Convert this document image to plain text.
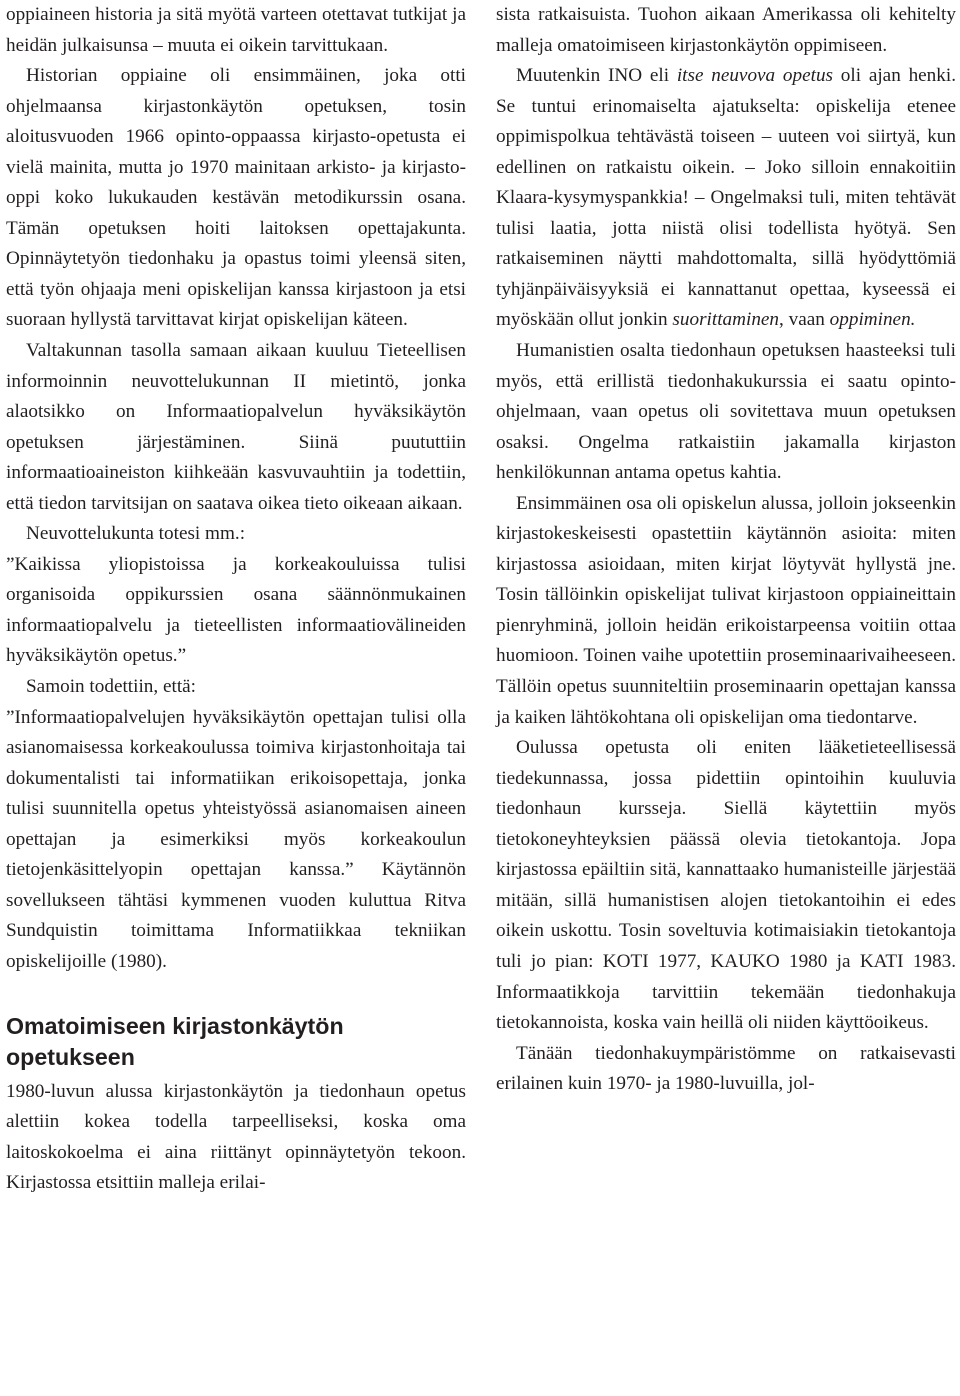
oppiaineen historia ja sitä myötä varteen otettavat tutkijat ja heidän julkaisunsa – muuta ei oikein tarvittukaan.

Historian oppiaine oli ensimmäinen, joka otti ohjelmaansa kirjastonkäytön opetuksen, tosin aloitusvuoden 1966 opinto-oppaassa kirjasto-opetusta ei vielä mainita, mutta jo 1970 mainitaan arkisto- ja kirjasto-oppi koko lukukauden kestävän metodikurssin osana. Tämän opetuksen hoiti laitoksen opettajakunta. Opinnäytetyön tiedonhaku ja opastus toimi yleensä siten, että työn ohjaaja meni opiskelijan kanssa kirjastoon ja etsi suoraan hyllystä tarvittavat kirjat opiskelijan käteen.

Valtakunnan tasolla samaan aikaan kuuluu Tieteellisen informoinnin neuvottelukunnan II mietintö, jonka alaotsikko on Informaatiopalvelun hyväksikäytön opetuksen järjestäminen. Siinä puututtiin informaatioaineiston kiihkeään kasvuvauhtiin ja todettiin, että tiedon tarvitsijan on saatava oikea tieto oikeaan aikaan.

Neuvottelukunta totesi mm.:

”Kaikissa yliopistoissa ja korkeakouluissa tulisi organisoida oppikurssien osana säännönmukainen informaatiopalvelu ja tieteellisten informaatiovälineiden hyväksikäytön opetus.”

Samoin todettiin, että:

”Informaatiopalvelujen hyväksikäytön opettajan tulisi olla asianomaisessa korkeakoulussa toimiva kirjastonhoitaja tai dokumentalisti tai informatiikan erikoisopettaja, jonka tulisi suunnitella opetus yhteistyössä asianomaisen aineen opettajan ja esimerkiksi myös korkeakoulun tietojenkäsittelyopin opettajan kanssa.” Käytännön sovellukseen tähtäsi kymmenen vuoden kuluttua Ritva Sundquistin toimittama Informatiikkaa tekniikan opiskelijoille (1980).

Omatoimiseen kirjastonkäytön opetukseen

1980-luvun alussa kirjastonkäytön ja tiedonhaun opetus alettiin kokea todella tarpeelliseksi, koska oma laitoskokoelma ei aina riittänyt opinnäytetyön tekoon. Kirjastossa etsittiin malleja erilai-

sista ratkaisuista. Tuohon aikaan Amerikassa oli kehitelty malleja omatoimiseen kirjastonkäytön oppimiseen.

Muutenkin INO eli itse neuvova opetus oli ajan henki. Se tuntui erinomaiselta ajatukselta: opiskelija etenee oppimispolkua tehtävästä toiseen – uuteen voi siirtyä, kun edellinen on ratkaistu oikein. – Joko silloin ennakoitiin Klaara-kysymyspankkia! – Ongelmaksi tuli, miten tehtävät tulisi laatia, jotta niistä olisi todellista hyötyä. Sen ratkaiseminen näytti mahdottomalta, sillä hyödyttömiä tyhjänpäiväisyyksiä ei kannattanut opettaa, kyseessä ei myöskään ollut jonkin suorittaminen, vaan oppiminen.

Humanistien osalta tiedonhaun opetuksen haasteeksi tuli myös, että erillistä tiedonhakukurssia ei saatu opinto-ohjelmaan, vaan opetus oli sovitettava muun opetuksen osaksi. Ongelma ratkaistiin jakamalla kirjaston henkilökunnan antama opetus kahtia.

Ensimmäinen osa oli opiskelun alussa, jolloin jokseenkin kirjastokeskeisesti opastettiin käytännön asioita: miten kirjastossa asioidaan, miten kirjat löytyvät hyllystä jne. Tosin tällöinkin opiskelijat tulivat kirjastoon oppiaineittain pienryhminä, jolloin heidän erikoistarpeensa voitiin ottaa huomioon. Toinen vaihe upotettiin proseminaarivaiheeseen. Tällöin opetus suunniteltiin proseminaarin opettajan kanssa ja kaiken lähtökohtana oli opiskelijan oma tiedontarve.

Oulussa opetusta oli eniten lääketieteellisessä tiedekunnassa, jossa pidettiin opintoihin kuuluvia tiedonhaun kursseja. Siellä käytettiin myös tietokoneyhteyksien päässä olevia tietokantoja. Jopa kirjastossa epäiltiin sitä, kannattaako humanisteille järjestää mitään, sillä humanistisen alojen tietokantoihin ei edes oikein uskottu. Tosin soveltuvia kotimaisiakin tietokantoja tuli jo pian: KOTI 1977, KAUKO 1980 ja KATI 1983. Informaatikkoja tarvittiin tekemään tiedonhakuja tietokannoista, koska vain heillä oli niiden käyttöoikeus.

Tänään tiedonhakuympäristömme on ratkaisevasti erilainen kuin 1970- ja 1980-luvuilla, jol-
